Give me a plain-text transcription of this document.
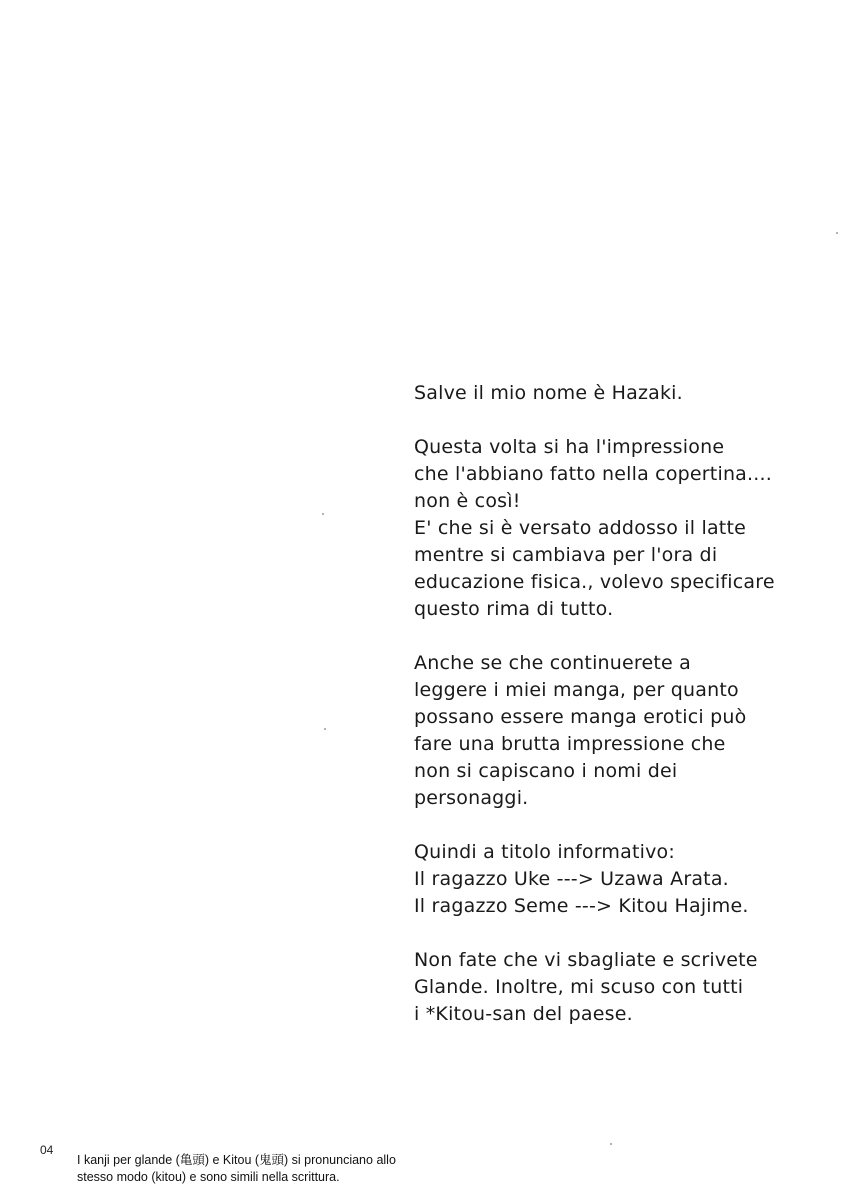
Salve il mio nome è Hazaki.
Questa volta si ha l'impressione
che l'abbiano fatto nella copertina....
non è così!
E' che si è versato addosso il latte
mentre si cambiava per l'ora di
educazione fisica., volevo specificare
questo rima di tutto.
Anche se che continuerete a
leggere i miei manga, per quanto
possano essere manga erotici può
fare una brutta impressione che
non si capiscano i nomi dei
personaggi.
Quindi a titolo informativo:
Il ragazzo Uke ---> Uzawa Arata.
Il ragazzo Seme ---> Kitou Hajime.
Non fate che vi sbagliate e scrivete
Glande. Inoltre, mi scuso con tutti
i *Kitou-san del paese.
04
I kanji per glande (亀頭) e Kitou (鬼頭) si pronunciano allo
stesso modo (kitou) e sono simili nella scrittura.
